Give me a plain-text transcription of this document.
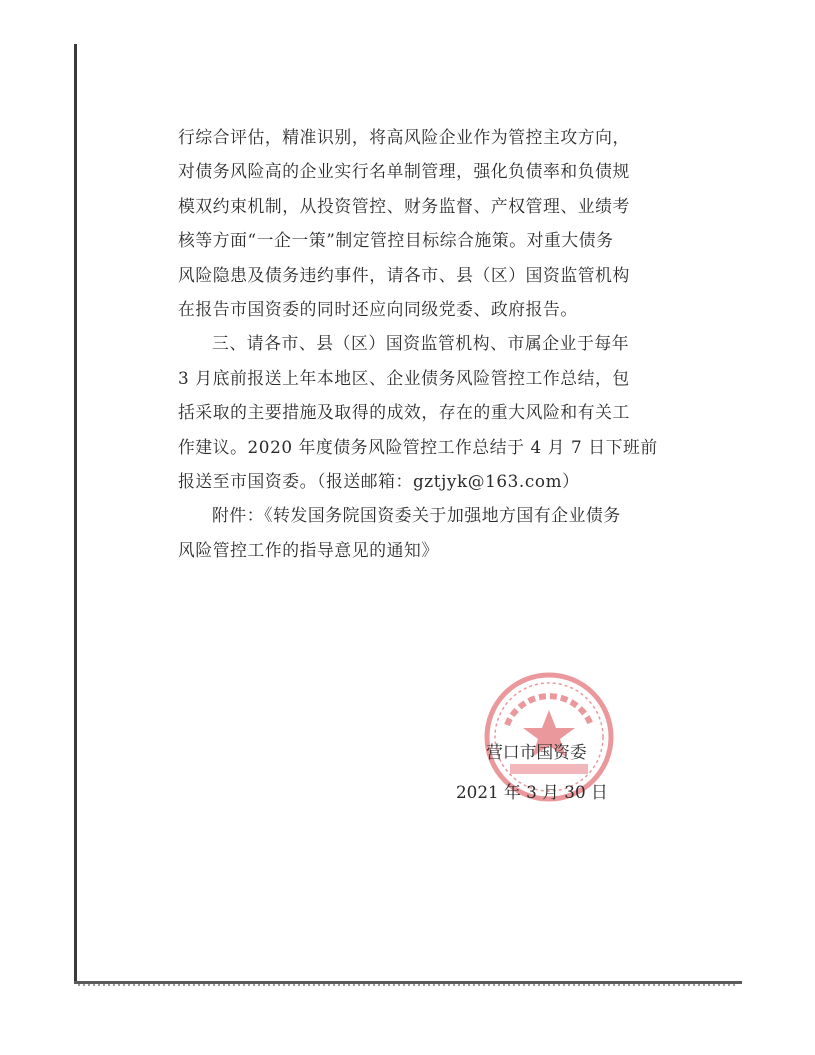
行综合评估，精准识别，将高风险企业作为管控主攻方向，

对债务风险高的企业实行名单制管理，强化负债率和负债规

模双约束机制，从投资管控、财务监督、产权管理、业绩考

核等方面“一企一策”制定管控目标综合施策。对重大债务

风险隐患及债务违约事件，请各市、县（区）国资监管机构

在报告市国资委的同时还应向同级党委、政府报告。

三、请各市、县（区）国资监管机构、市属企业于每年

3 月底前报送上年本地区、企业债务风险管控工作总结，包

括采取的主要措施及取得的成效，存在的重大风险和有关工

作建议。2020 年度债务风险管控工作总结于 4 月 7 日下班前

报送至市国资委。（报送邮箱：gztjyk@163.com）

附件：《转发国务院国资委关于加强地方国有企业债务

风险管控工作的指导意见的通知》

营口市国资委
2021 年 3 月 30 日
